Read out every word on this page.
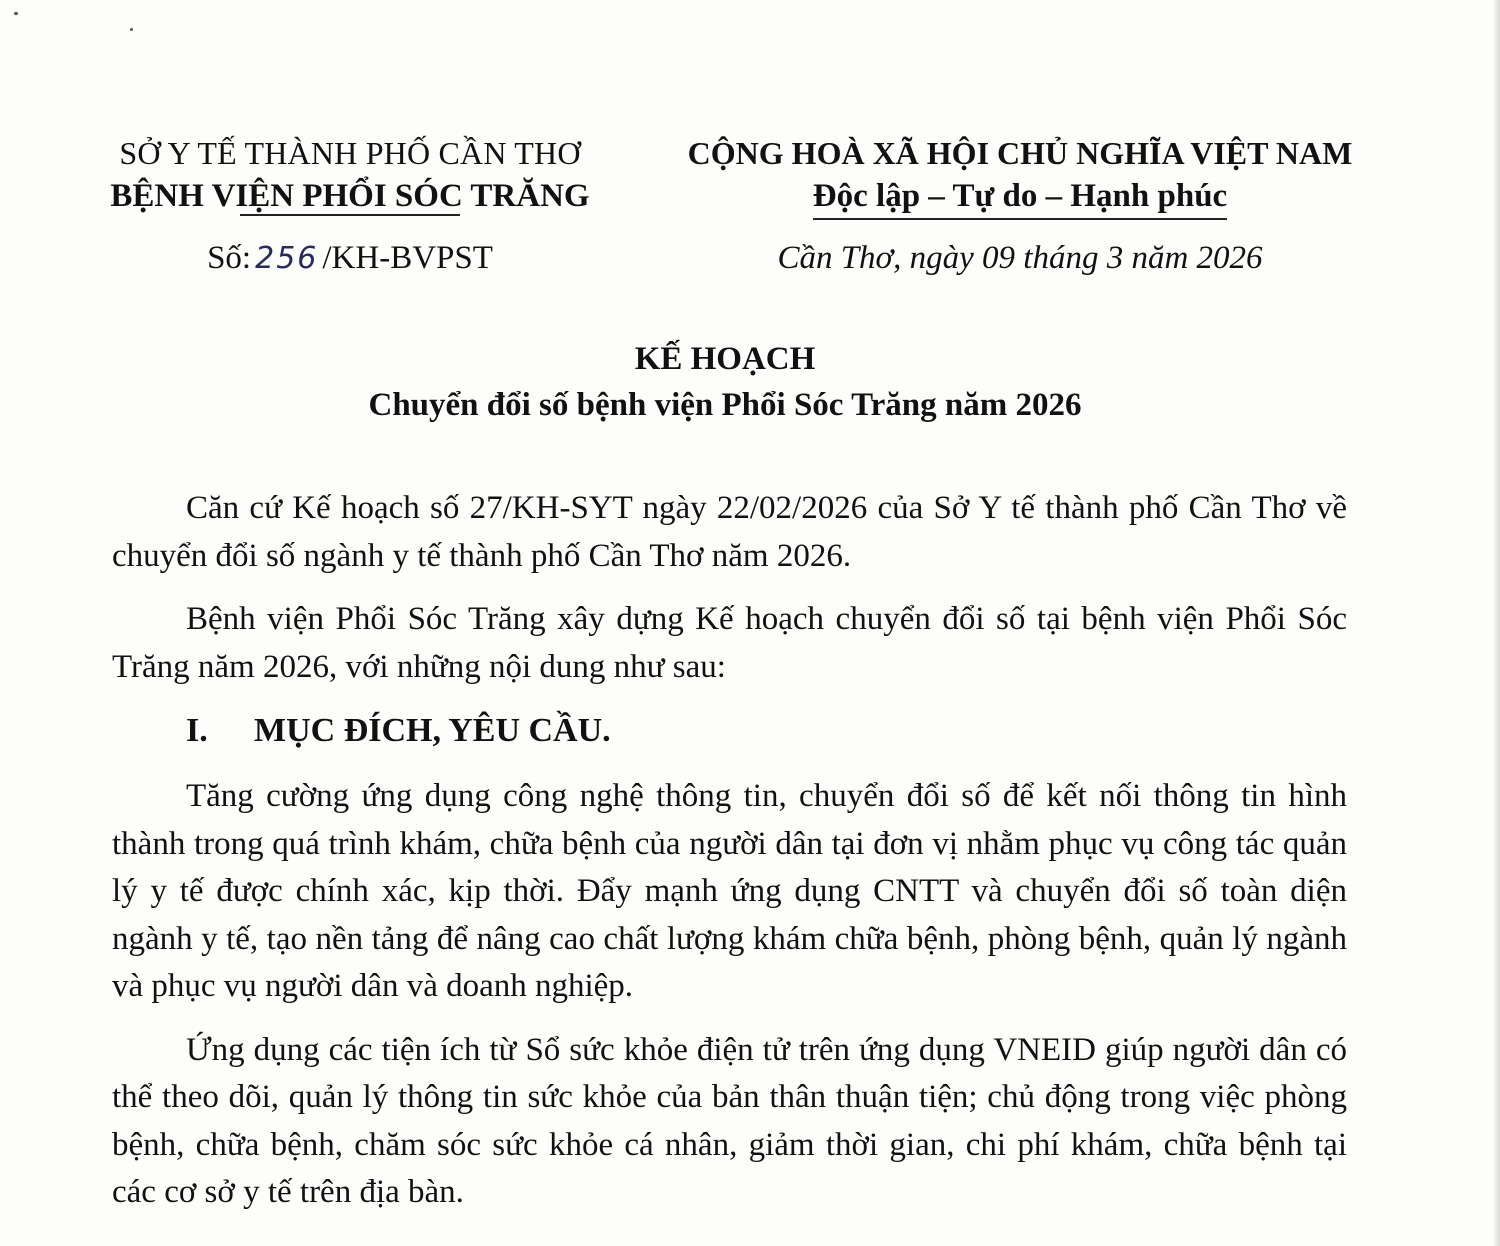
SỞ Y TẾ THÀNH PHỐ CẦN THƠ
BỆNH VIỆN PHỔI SÓC TRĂNG
Số: 256 /KH-BVPST
CỘNG HOÀ XÃ HỘI CHỦ NGHĨA VIỆT NAM
Độc lập – Tự do – Hạnh phúc
Cần Thơ, ngày 09 tháng 3 năm 2026
KẾ HOẠCH
Chuyển đổi số bệnh viện Phổi Sóc Trăng năm 2026

Căn cứ Kế hoạch số 27/KH-SYT ngày 22/02/2026 của Sở Y tế thành phố Cần Thơ về chuyển đổi số ngành y tế thành phố Cần Thơ năm 2026.

Bệnh viện Phổi Sóc Trăng xây dựng Kế hoạch chuyển đổi số tại bệnh viện Phổi Sóc Trăng năm 2026, với những nội dung như sau:

I.	MỤC ĐÍCH, YÊU CẦU.

Tăng cường ứng dụng công nghệ thông tin, chuyển đổi số để kết nối thông tin hình thành trong quá trình khám, chữa bệnh của người dân tại đơn vị nhằm phục vụ công tác quản lý y tế được chính xác, kịp thời. Đẩy mạnh ứng dụng CNTT và chuyển đổi số toàn diện ngành y tế, tạo nền tảng để nâng cao chất lượng khám chữa bệnh, phòng bệnh, quản lý ngành và phục vụ người dân và doanh nghiệp.

Ứng dụng các tiện ích từ Sổ sức khỏe điện tử trên ứng dụng VNEID giúp người dân có thể theo dõi, quản lý thông tin sức khỏe của bản thân thuận tiện; chủ động trong việc phòng bệnh, chữa bệnh, chăm sóc sức khỏe cá nhân, giảm thời gian, chi phí khám, chữa bệnh tại các cơ sở y tế trên địa bàn.
